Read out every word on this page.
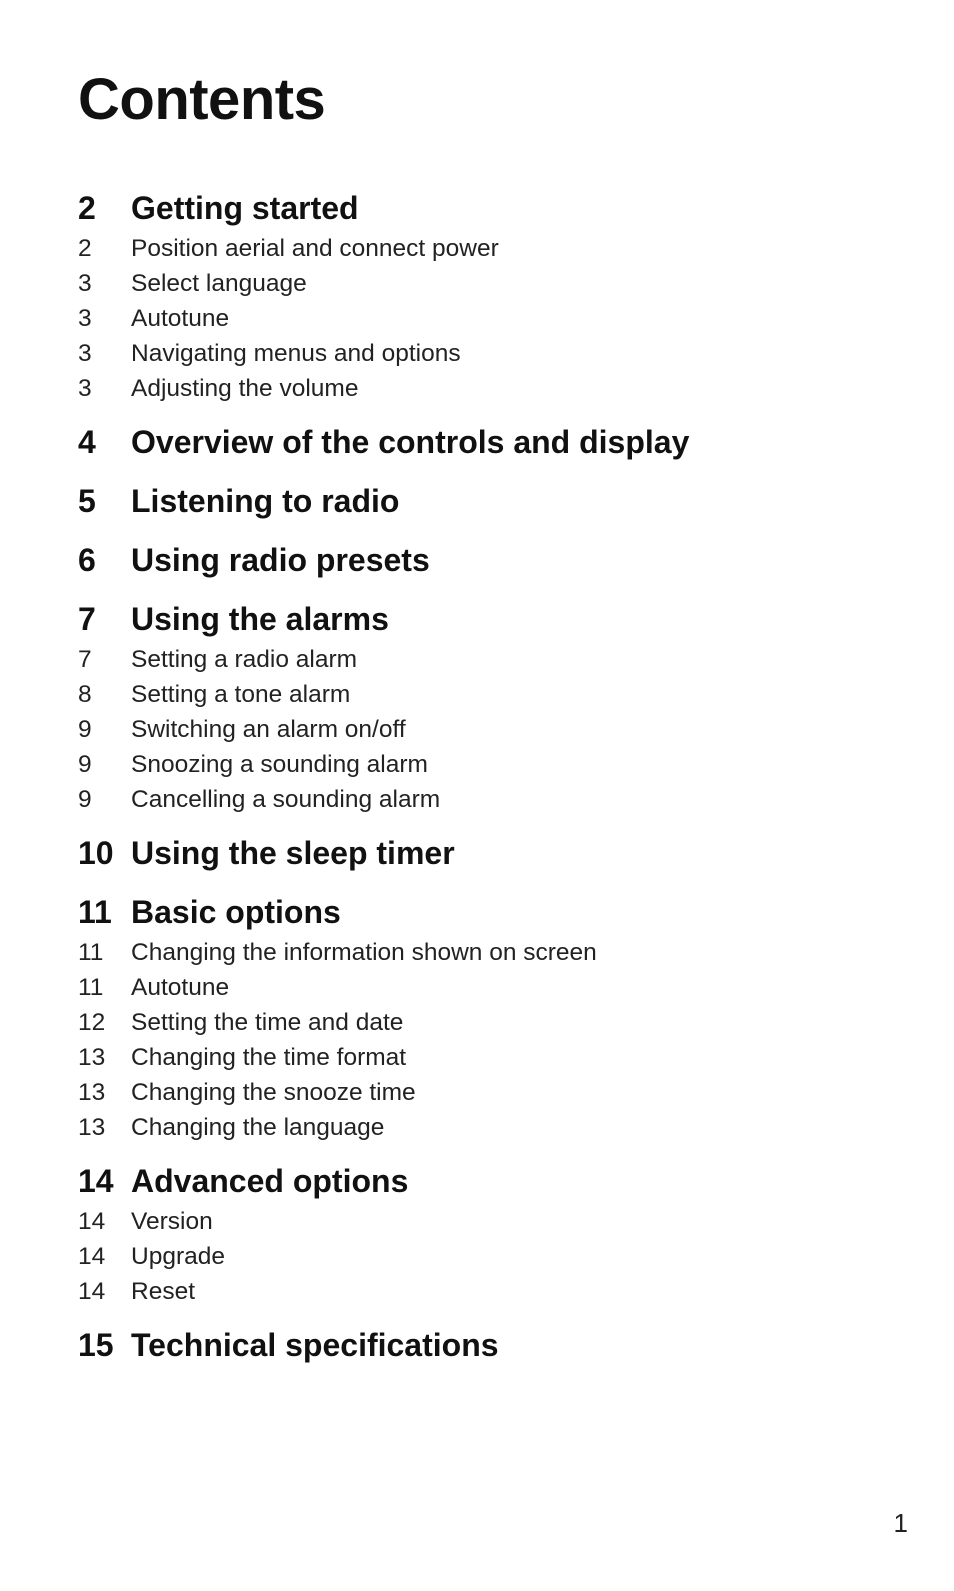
Contents
2	Getting started
2	Position aerial and connect power
3	Select language
3	Autotune
3	Navigating menus and options
3	Adjusting the volume
4	Overview of the controls and display
5	Listening to radio
6	Using radio presets
7	Using the alarms
7	Setting a radio alarm
8	Setting a tone alarm
9	Switching an alarm on/off
9	Snoozing a sounding alarm
9	Cancelling a sounding alarm
10 Using the sleep timer
11 Basic options
11	Changing the information shown on screen
11	Autotune
12	Setting the time and date
13	Changing the time format
13	Changing the snooze time
13	Changing the language
14 Advanced options
14	Version
14	Upgrade
14	Reset
15 Technical specifications
1
